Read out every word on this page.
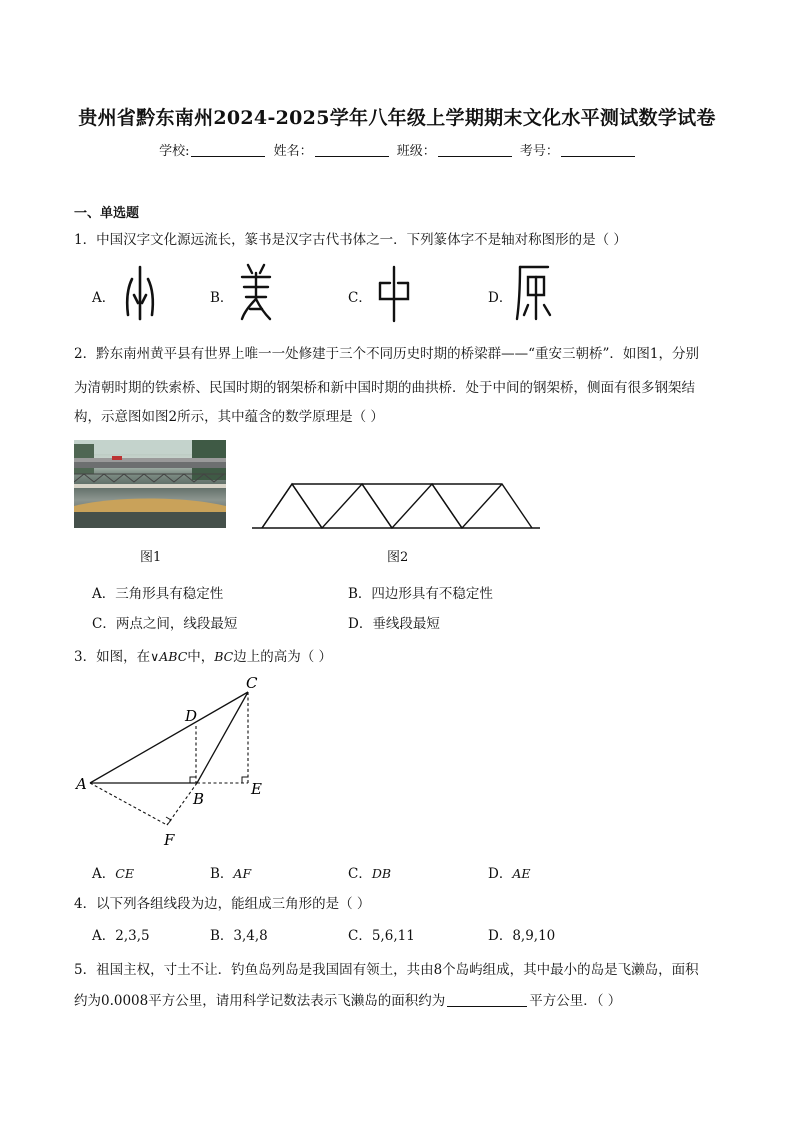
贵州省黔东南州2024-2025学年八年级上学期期末文化水平测试数学试卷
学校:	姓名：	班级：	考号：
一、单选题
1．中国汉字文化源远流长，篆书是汉字古代书体之一．下列篆体字不是轴对称图形的是（ ）
A．	B．	C．	D．
2．黔东南州黄平县有世界上唯一一处修建于三个不同历史时期的桥梁群——“重安三朝桥”．如图1，分别
为清朝时期的铁索桥、民国时期的钢架桥和新中国时期的曲拱桥．处于中间的钢架桥，侧面有很多钢架结
构，示意图如图2所示，其中蕴含的数学原理是（ ）
图1	图2
A．三角形具有稳定性	B．四边形具有不稳定性
C．两点之间，线段最短	D．垂线段最短
3．如图，在∨ABC中，BC边上的高为（ ）
A
B
C
D
E
F
A．CE	B．AF	C．DB	D．AE
4．以下列各组线段为边，能组成三角形的是（ ）
A．2,3,5	B．3,4,8	C．5,6,11	D．8,9,10
5．祖国主权，寸土不让．钓鱼岛列岛是我国固有领土，共由8个岛屿组成，其中最小的岛是飞濑岛，面积
约为0.0008平方公里，请用科学记数法表示飞濑岛的面积约为	平方公里．（ ）
